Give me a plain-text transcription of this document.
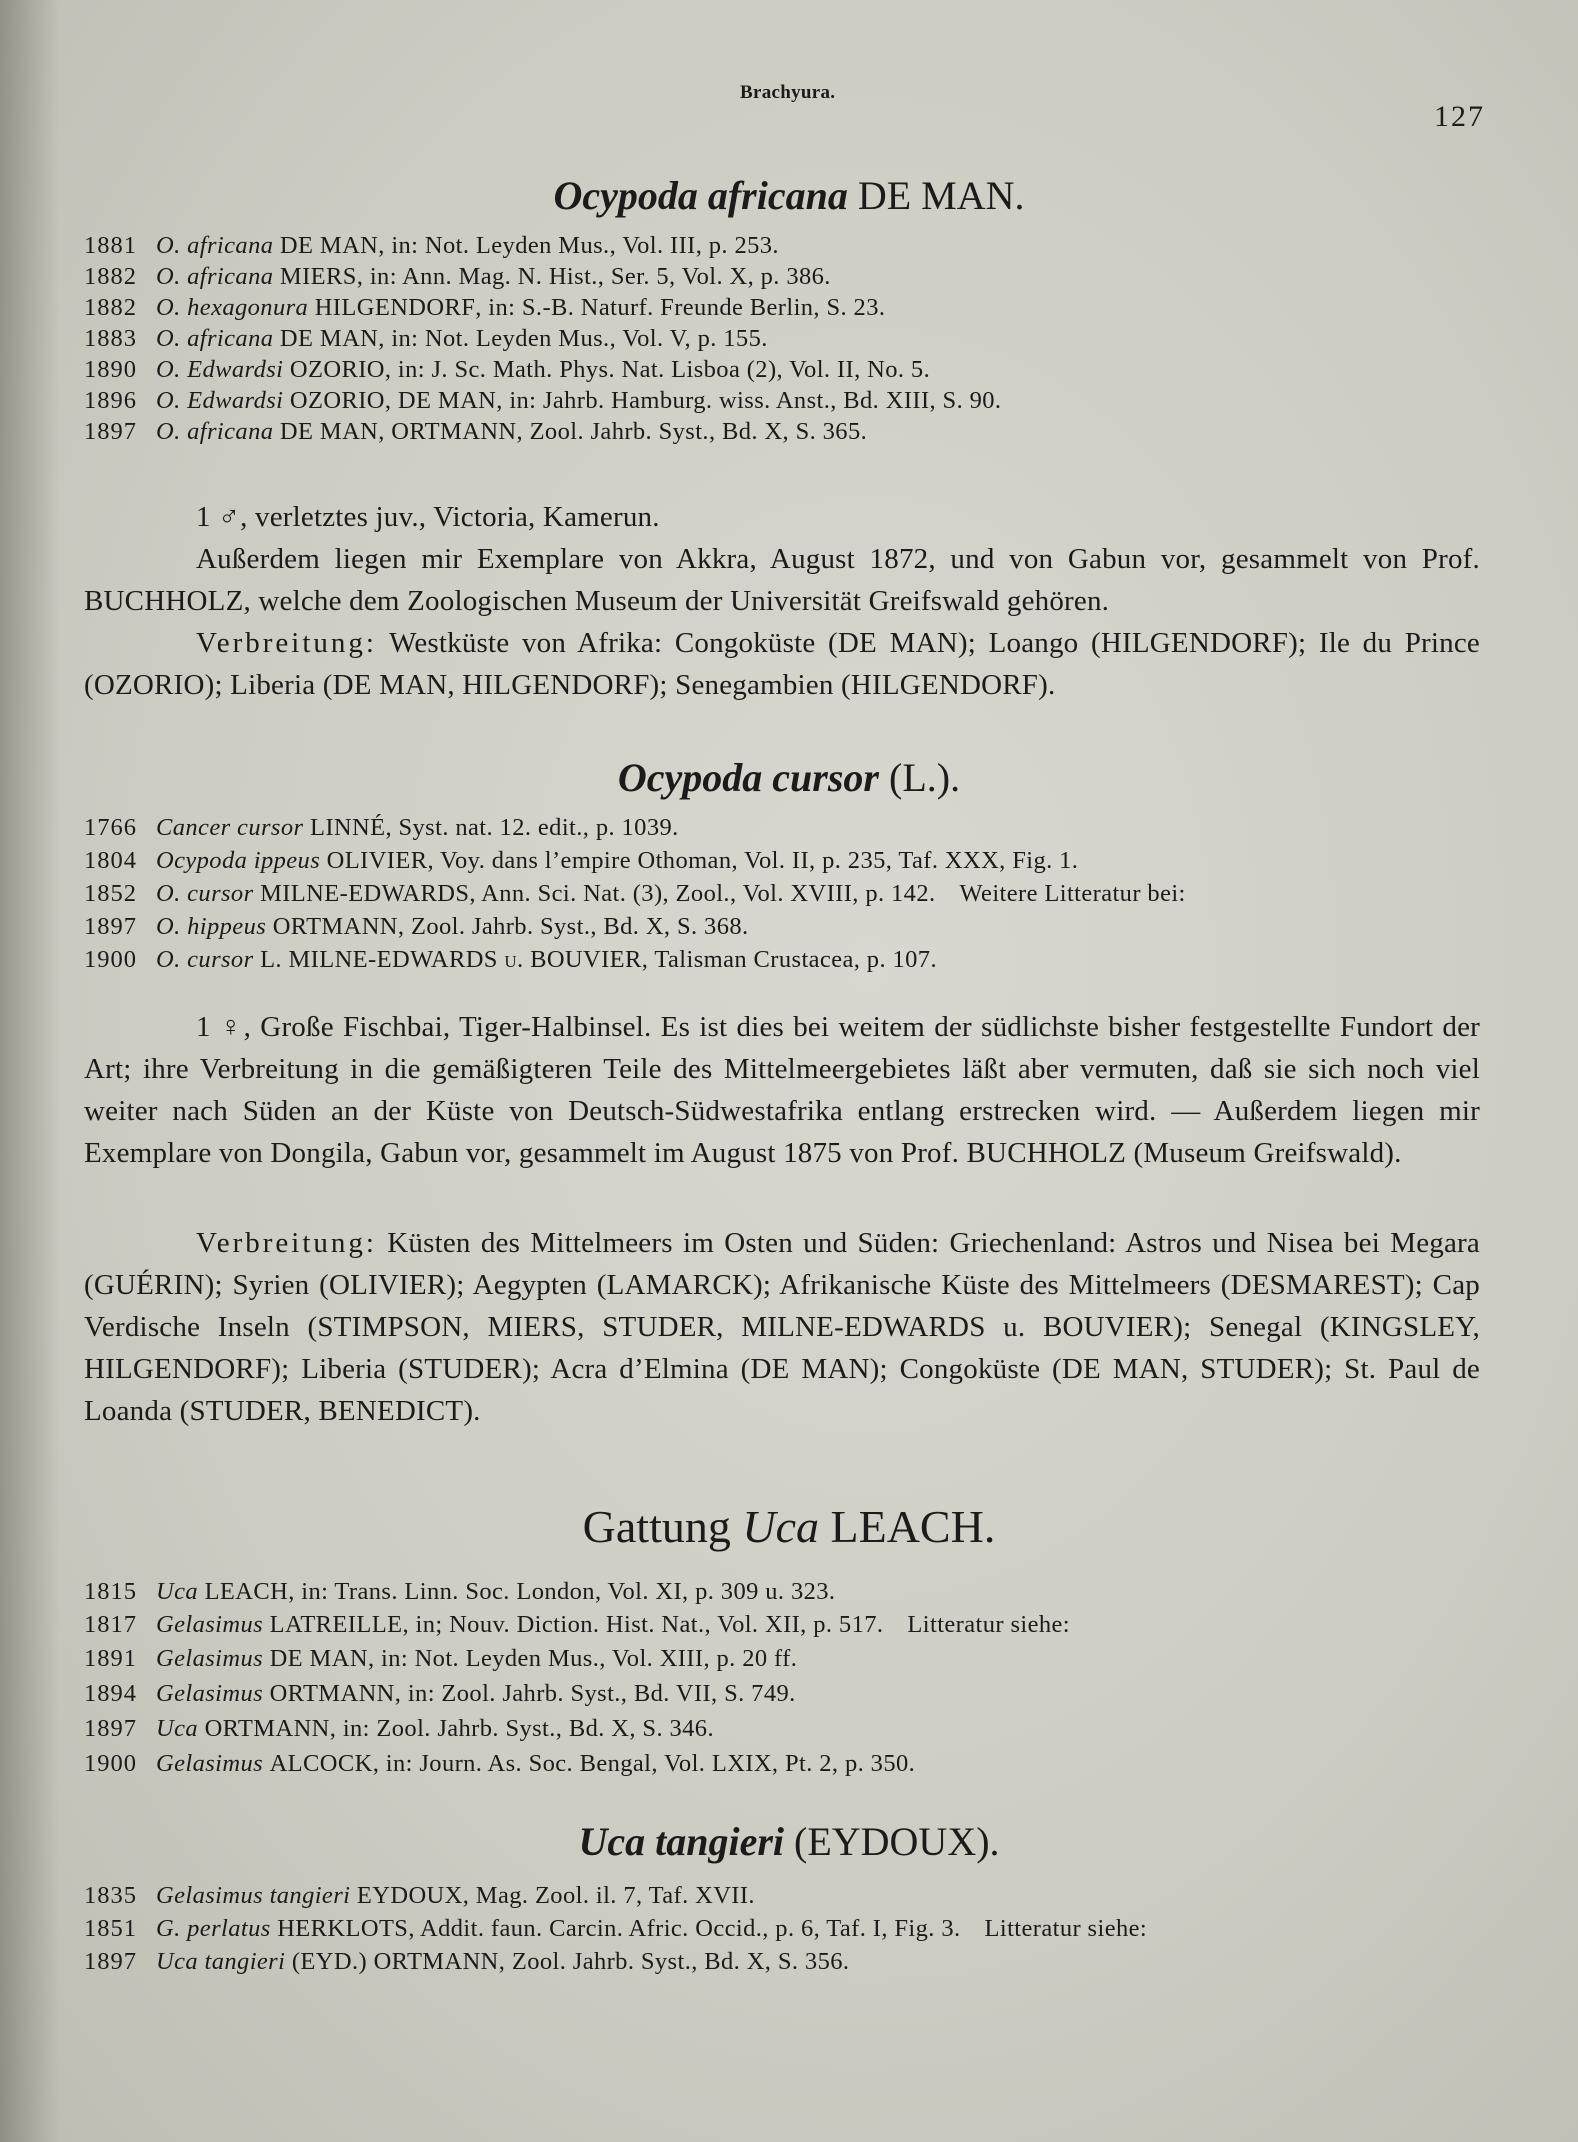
Brachyura.
127
Ocypoda africana DE MAN.
1881 O. africana DE MAN, in: Not. Leyden Mus., Vol. III, p. 253.
1882 O. africana MIERS, in: Ann. Mag. N. Hist., Ser. 5, Vol. X, p. 386.
1882 O. hexagonura HILGENDORF, in: S.-B. Naturf. Freunde Berlin, S. 23.
1883 O. africana DE MAN, in: Not. Leyden Mus., Vol. V, p. 155.
1890 O. Edwardsi OZORIO, in: J. Sc. Math. Phys. Nat. Lisboa (2), Vol. II, No. 5.
1896 O. Edwardsi OZORIO, DE MAN, in: Jahrb. Hamburg. wiss. Anst., Bd. XIII, S. 90.
1897 O. africana DE MAN, ORTMANN, Zool. Jahrb. Syst., Bd. X, S. 365.
1 ♂, verletztes juv., Victoria, Kamerun.
Außerdem liegen mir Exemplare von Akkra, August 1872, und von Gabun vor, gesammelt von Prof. BUCHHOLZ, welche dem Zoologischen Museum der Universität Greifswald gehören.
Verbreitung: Westküste von Afrika: Congoküste (DE MAN); Loango (HILGENDORF); Ile du Prince (OZORIO); Liberia (DE MAN, HILGENDORF); Senegambien (HILGENDORF).
Ocypoda cursor (L.).
1766 Cancer cursor LINNÉ, Syst. nat. 12. edit., p. 1039.
1804 Ocypoda ippeus OLIVIER, Voy. dans l’empire Othoman, Vol. II, p. 235, Taf. XXX, Fig. 1.
1852 O. cursor MILNE-EDWARDS, Ann. Sci. Nat. (3), Zool., Vol. XVIII, p. 142. Weitere Litteratur bei:
1897 O. hippeus ORTMANN, Zool. Jahrb. Syst., Bd. X, S. 368.
1900 O. cursor L. MILNE-EDWARDS u. BOUVIER, Talisman Crustacea, p. 107.
1 ♀, Große Fischbai, Tiger-Halbinsel. Es ist dies bei weitem der südlichste bisher festgestellte Fundort der Art; ihre Verbreitung in die gemäßigteren Teile des Mittelmeergebietes läßt aber vermuten, daß sie sich noch viel weiter nach Süden an der Küste von Deutsch-Südwestafrika entlang erstrecken wird. — Außerdem liegen mir Exemplare von Dongila, Gabun vor, gesammelt im August 1875 von Prof. BUCHHOLZ (Museum Greifswald).
Verbreitung: Küsten des Mittelmeers im Osten und Süden: Griechenland: Astros und Nisea bei Megara (GUÉRIN); Syrien (OLIVIER); Aegypten (LAMARCK); Afrikanische Küste des Mittelmeers (DESMAREST); Cap Verdische Inseln (STIMPSON, MIERS, STUDER, MILNE-EDWARDS u. BOUVIER); Senegal (KINGSLEY, HILGENDORF); Liberia (STUDER); Acra d’Elmina (DE MAN); Congoküste (DE MAN, STUDER); St. Paul de Loanda (STUDER, BENEDICT).
Gattung Uca LEACH.
1815 Uca LEACH, in: Trans. Linn. Soc. London, Vol. XI, p. 309 u. 323.
1817 Gelasimus LATREILLE, in; Nouv. Diction. Hist. Nat., Vol. XII, p. 517. Litteratur siehe:
1891 Gelasimus DE MAN, in: Not. Leyden Mus., Vol. XIII, p. 20 ff.
1894 Gelasimus ORTMANN, in: Zool. Jahrb. Syst., Bd. VII, S. 749.
1897 Uca ORTMANN, in: Zool. Jahrb. Syst., Bd. X, S. 346.
1900 Gelasimus ALCOCK, in: Journ. As. Soc. Bengal, Vol. LXIX, Pt. 2, p. 350.
Uca tangieri (EYDOUX).
1835 Gelasimus tangieri EYDOUX, Mag. Zool. il. 7, Taf. XVII.
1851 G. perlatus HERKLOTS, Addit. faun. Carcin. Afric. Occid., p. 6, Taf. I, Fig. 3. Litteratur siehe:
1897 Uca tangieri (EYD.) ORTMANN, Zool. Jahrb. Syst., Bd. X, S. 356.
